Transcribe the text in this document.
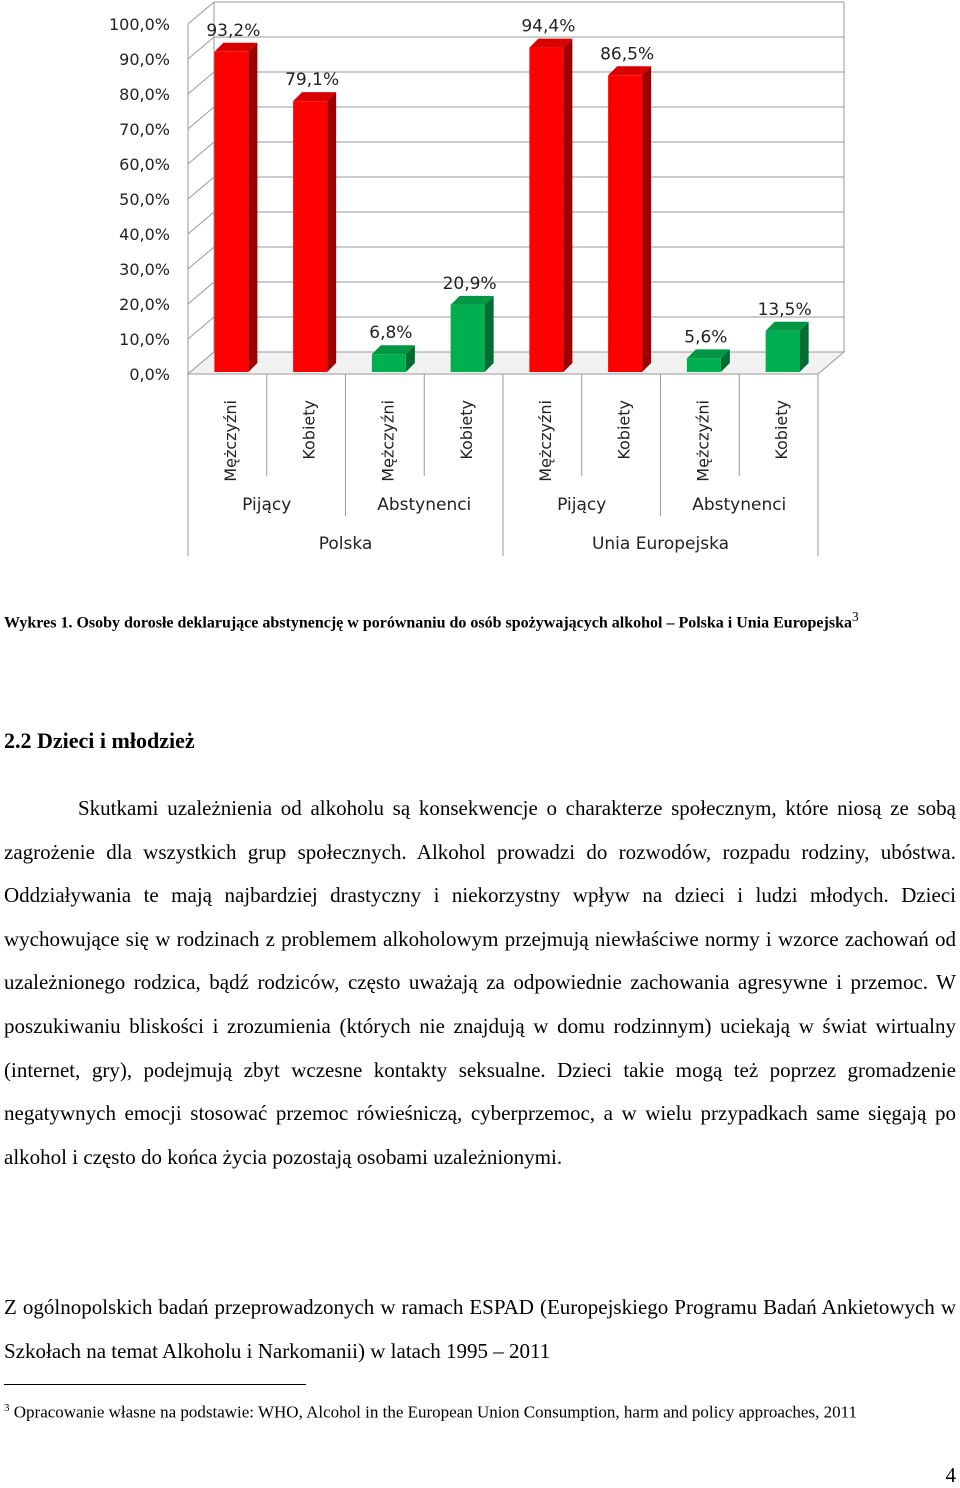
0,0%
10,0%
20,0%
30,0%
40,0%
50,0%
60,0%
70,0%
80,0%
90,0%
100,0% 93,2%
Mężczyźni
79,1%
Kobiety
6,8%
Mężczyźni
20,9%
Kobiety
94,4%
Mężczyźni
86,5%
Kobiety
5,6%
Mężczyźni
13,5%
Kobiety
Pijący	Abstynenci	Pijący	Abstynenci
Polska	Unia Europejska
Wykres 1. Osoby dorosłe deklarujące abstynencję w porównaniu do osób spożywających alkohol – Polska i Unia Europejska$^3$
2.2 Dzieci i młodzież

Skutkami uzależnienia od alkoholu są konsekwencje o charakterze społecznym, które niosą ze sobą zagrożenie dla wszystkich grup społecznych. Alkohol prowadzi do rozwodów, rozpadu rodziny, ubóstwa. Oddziaływania te mają najbardziej drastyczny i niekorzystny wpływ na dzieci i ludzi młodych. Dzieci wychowujące się w rodzinach z problemem alkoholowym przejmują niewłaściwe normy i wzorce zachowań od uzależnionego rodzica, bądź rodziców, często uważają za odpowiednie zachowania agresywne i przemoc. W poszukiwaniu bliskości i zrozumienia (których nie znajdują w domu rodzinnym) uciekają w świat wirtualny (internet, gry), podejmują zbyt wczesne kontakty seksualne. Dzieci takie mogą też poprzez gromadzenie negatywnych emocji stosować przemoc rówieśniczą, cyberprzemoc, a w wielu przypadkach same sięgają po alkohol i często do końca życia pozostają osobami uzależnionymi.

Z ogólnopolskich badań przeprowadzonych w ramach ESPAD (Europejskiego Programu Badań Ankietowych w Szkołach na temat Alkoholu i Narkomanii) w latach 1995 – 2011

$^3$ Opracowanie własne na podstawie: WHO, Alcohol in the European Union Consumption, harm and policy approaches, 2011
4
